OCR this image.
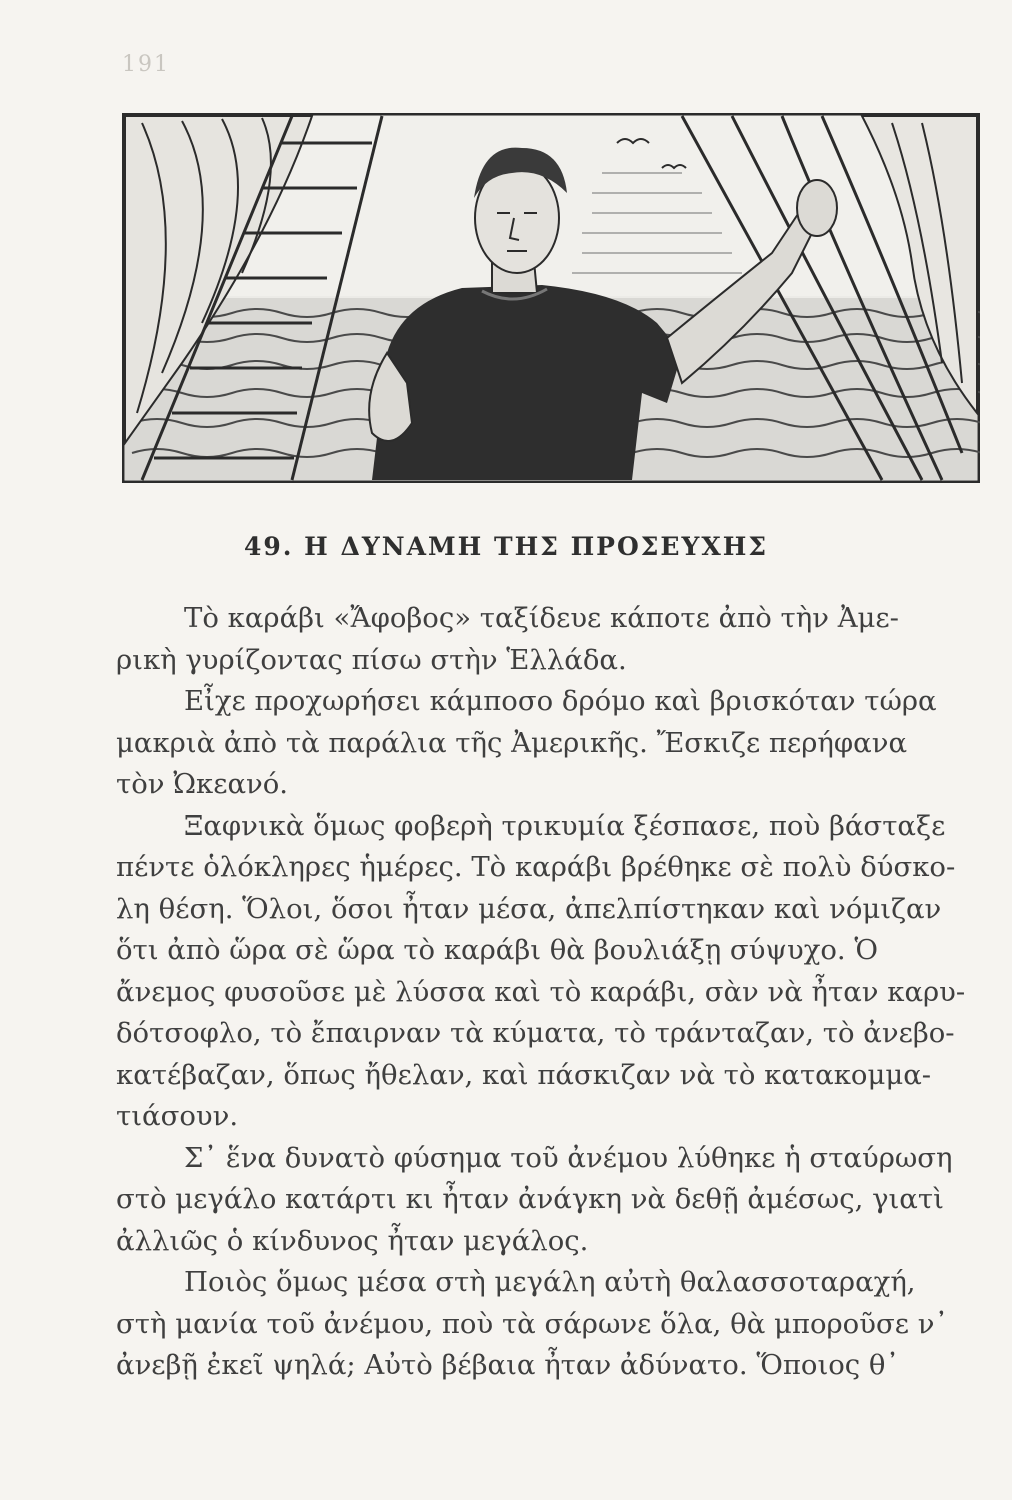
191
49. Η ΔΥΝΑΜΗ ΤΗΣ ΠΡΟΣΕΥΧΗΣ
Τὸ καράβι «Ἄφοβος» ταξίδευε κάποτε ἀπὸ τὴν Ἀμε-
ρικὴ γυρίζοντας πίσω στὴν Ἑλλάδα.
Εἶχε προχωρήσει κάμποσο δρόμο καὶ βρισκόταν τώρα
μακριὰ ἀπὸ τὰ παράλια τῆς Ἀμερικῆς. Ἔσκιζε περήφανα
τὸν Ὠκεανό.
Ξαφνικὰ ὅμως φοβερὴ τρικυμία ξέσπασε, ποὺ βάσταξε
πέντε ὁλόκληρες ἡμέρες. Τὸ καράβι βρέθηκε σὲ πολὺ δύσκο-
λη θέση. Ὅλοι, ὅσοι ἦταν μέσα, ἀπελπίστηκαν καὶ νόμιζαν
ὅτι ἀπὸ ὥρα σὲ ὥρα τὸ καράβι θὰ βουλιάξῃ σύψυχο. Ὁ
ἄνεμος φυσοῦσε μὲ λύσσα καὶ τὸ καράβι, σὰν νὰ ἦταν καρυ-
δότσοφλο, τὸ ἔπαιρναν τὰ κύματα, τὸ τράνταζαν, τὸ ἀνεβο-
κατέβαζαν, ὅπως ἤθελαν, καὶ πάσκιζαν νὰ τὸ κατακομμα-
τιάσουν.
Σ᾽ ἕνα δυνατὸ φύσημα τοῦ ἀνέμου λύθηκε ἡ σταύρωση
στὸ μεγάλο κατάρτι κι ἦταν ἀνάγκη νὰ δεθῇ ἀμέσως, γιατὶ
ἀλλιῶς ὁ κίνδυνος ἦταν μεγάλος.
Ποιὸς ὅμως μέσα στὴ μεγάλη αὐτὴ θαλασσοταραχή,
στὴ μανία τοῦ ἀνέμου, ποὺ τὰ σάρωνε ὅλα, θὰ μποροῦσε ν᾽
ἀνεβῇ ἐκεῖ ψηλά; Αὐτὸ βέβαια ἦταν ἀδύνατο. Ὅποιος θ᾽
